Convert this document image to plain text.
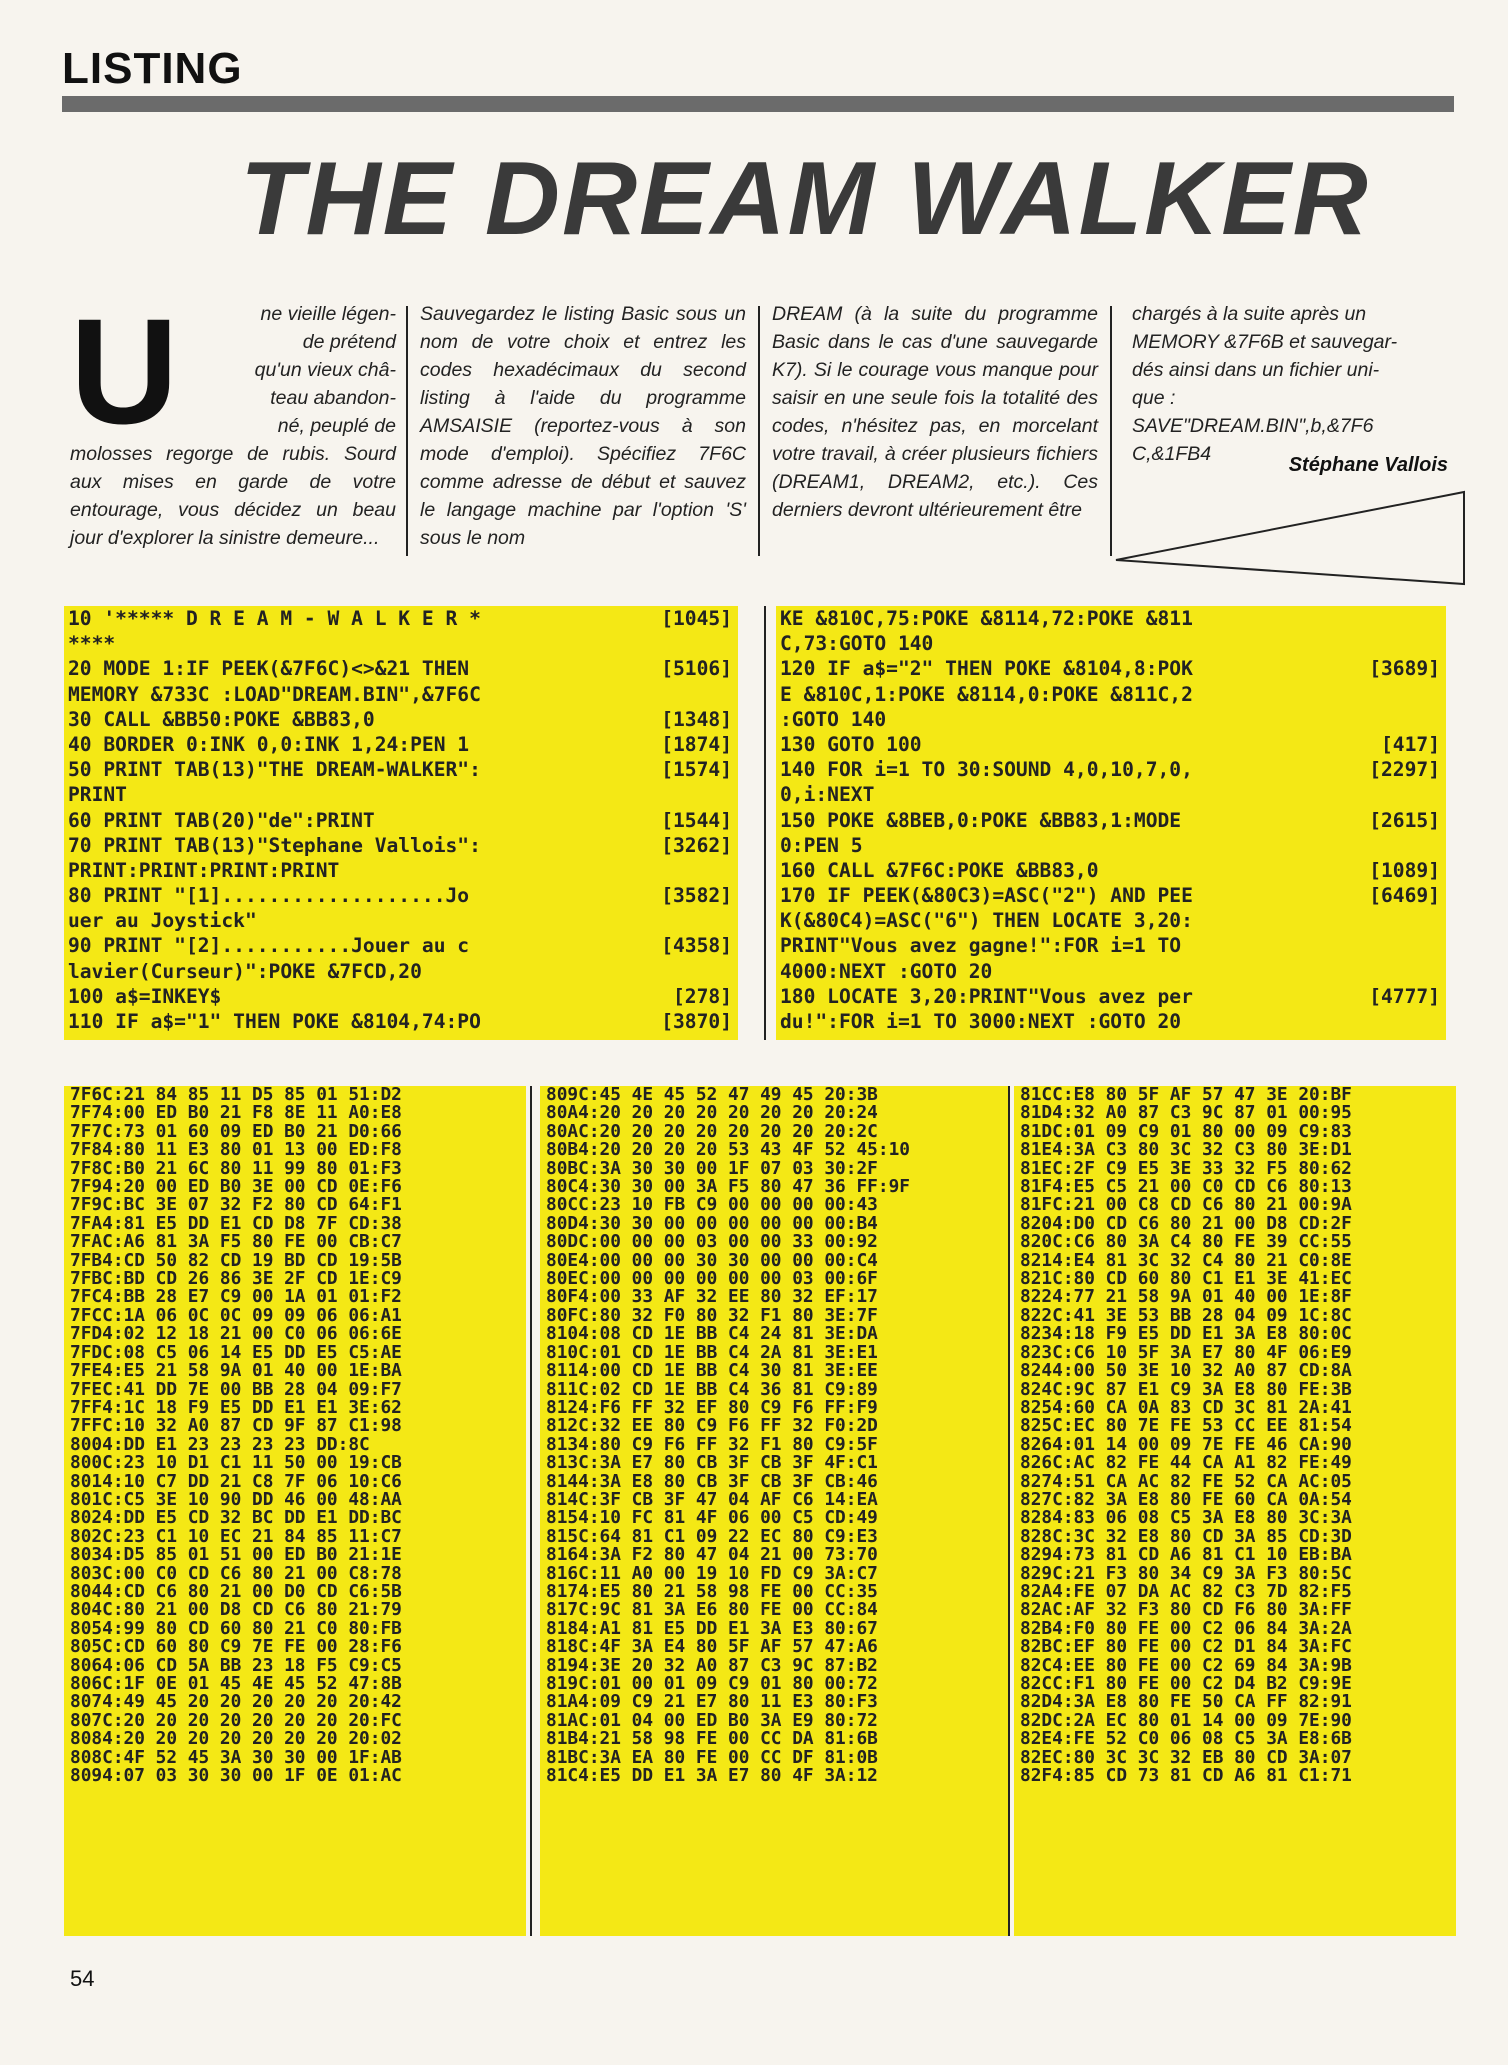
LISTING
THE DREAM WALKER
U	ne vieille légen-
de prétend
qu'un vieux châ-
teau abandon-
né, peuplé de
molosses regorge de rubis. Sourd aux mises en garde de votre entourage, vous décidez un beau jour d'explorer la sinistre demeure...
Sauvegardez le listing Basic sous un nom de votre choix et entrez les codes hexadécimaux du second listing à l'aide du programme AMSAISIE (reportez-vous à son mode d'emploi). Spécifiez 7F6C comme adresse de début et sauvez le langage machine par l'option 'S' sous le nom
DREAM (à la suite du programme Basic dans le cas d'une sauvegarde K7). Si le courage vous manque pour saisir en une seule fois la totalité des codes, n'hésitez pas, en morcelant votre travail, à créer plusieurs fichiers (DREAM1, DREAM2, etc.). Ces derniers devront ultérieurement être
chargés à la suite après un
MEMORY &7F6B et sauvegar-
dés ainsi dans un fichier uni-
que :
SAVE"DREAM.BIN",b,&7F6
C,&1FB4	Stéphane Vallois
10 '***** D R E A M - W A L K E R *	[1045]
****
20 MODE 1:IF PEEK(&7F6C)<>&21 THEN	[5106]
MEMORY &733C :LOAD"DREAM.BIN",&7F6C
30 CALL &BB50:POKE &BB83,0	[1348]
40 BORDER 0:INK 0,0:INK 1,24:PEN 1	[1874]
50 PRINT TAB(13)"THE DREAM-WALKER":	[1574]
PRINT
60 PRINT TAB(20)"de":PRINT	[1544]
70 PRINT TAB(13)"Stephane Vallois":	[3262]
PRINT:PRINT:PRINT:PRINT
80 PRINT "[1]...................Jo	[3582]
uer au Joystick"
90 PRINT "[2]...........Jouer au c	[4358]
lavier(Curseur)":POKE &7FCD,20
100 a$=INKEY$	[278]
110 IF a$="1" THEN POKE &8104,74:PO	[3870]
KE &810C,75:POKE &8114,72:POKE &811
C,73:GOTO 140
120 IF a$="2" THEN POKE &8104,8:POK	[3689]
E &810C,1:POKE &8114,0:POKE &811C,2
:GOTO 140
130 GOTO 100	[417]
140 FOR i=1 TO 30:SOUND 4,0,10,7,0,	[2297]
0,i:NEXT
150 POKE &8BEB,0:POKE &BB83,1:MODE	[2615]
0:PEN 5
160 CALL &7F6C:POKE &BB83,0	[1089]
170 IF PEEK(&80C3)=ASC("2") AND PEE	[6469]
K(&80C4)=ASC("6") THEN LOCATE 3,20:
PRINT"Vous avez gagne!":FOR i=1 TO
4000:NEXT :GOTO 20
180 LOCATE 3,20:PRINT"Vous avez per	[4777]
du!":FOR i=1 TO 3000:NEXT :GOTO 20
7F6C:21 84 85 11 D5 85 01 51:D2
7F74:00 ED B0 21 F8 8E 11 A0:E8
7F7C:73 01 60 09 ED B0 21 D0:66
7F84:80 11 E3 80 01 13 00 ED:F8
7F8C:B0 21 6C 80 11 99 80 01:F3
7F94:20 00 ED B0 3E 00 CD 0E:F6
7F9C:BC 3E 07 32 F2 80 CD 64:F1
7FA4:81 E5 DD E1 CD D8 7F CD:38
7FAC:A6 81 3A F5 80 FE 00 CB:C7
7FB4:CD 50 82 CD 19 BD CD 19:5B
7FBC:BD CD 26 86 3E 2F CD 1E:C9
7FC4:BB 28 E7 C9 00 1A 01 01:F2
7FCC:1A 06 0C 0C 09 09 06 06:A1
7FD4:02 12 18 21 00 C0 06 06:6E
7FDC:08 C5 06 14 E5 DD E5 C5:AE
7FE4:E5 21 58 9A 01 40 00 1E:BA
7FEC:41 DD 7E 00 BB 28 04 09:F7
7FF4:1C 18 F9 E5 DD E1 E1 3E:62
7FFC:10 32 A0 87 CD 9F 87 C1:98
8004:DD E1 23 23 23 23 DD:8C
800C:23 10 D1 C1 11 50 00 19:CB
8014:10 C7 DD 21 C8 7F 06 10:C6
801C:C5 3E 10 90 DD 46 00 48:AA
8024:DD E5 CD 32 BC DD E1 DD:BC
802C:23 C1 10 EC 21 84 85 11:C7
8034:D5 85 01 51 00 ED B0 21:1E
803C:00 C0 CD C6 80 21 00 C8:78
8044:CD C6 80 21 00 D0 CD C6:5B
804C:80 21 00 D8 CD C6 80 21:79
8054:99 80 CD 60 80 21 C0 80:FB
805C:CD 60 80 C9 7E FE 00 28:F6
8064:06 CD 5A BB 23 18 F5 C9:C5
806C:1F 0E 01 45 4E 45 52 47:8B
8074:49 45 20 20 20 20 20 20:42
807C:20 20 20 20 20 20 20 20:FC
8084:20 20 20 20 20 20 20 20:02
808C:4F 52 45 3A 30 30 00 1F:AB
8094:07 03 30 30 00 1F 0E 01:AC
809C:45 4E 45 52 47 49 45 20:3B
80A4:20 20 20 20 20 20 20 20:24
80AC:20 20 20 20 20 20 20 20:2C
80B4:20 20 20 20 53 43 4F 52 45:10
80BC:3A 30 30 00 1F 07 03 30:2F
80C4:30 30 00 3A F5 80 47 36 FF:9F
80CC:23 10 FB C9 00 00 00 00:43
80D4:30 30 00 00 00 00 00 00:B4
80DC:00 00 00 03 00 00 33 00:92
80E4:00 00 00 30 30 00 00 00:C4
80EC:00 00 00 00 00 00 03 00:6F
80F4:00 33 AF 32 EE 80 32 EF:17
80FC:80 32 F0 80 32 F1 80 3E:7F
8104:08 CD 1E BB C4 24 81 3E:DA
810C:01 CD 1E BB C4 2A 81 3E:E1
8114:00 CD 1E BB C4 30 81 3E:EE
811C:02 CD 1E BB C4 36 81 C9:89
8124:F6 FF 32 EF 80 C9 F6 FF:F9
812C:32 EE 80 C9 F6 FF 32 F0:2D
8134:80 C9 F6 FF 32 F1 80 C9:5F
813C:3A E7 80 CB 3F CB 3F 4F:C1
8144:3A E8 80 CB 3F CB 3F CB:46
814C:3F CB 3F 47 04 AF C6 14:EA
8154:10 FC 81 4F 06 00 C5 CD:49
815C:64 81 C1 09 22 EC 80 C9:E3
8164:3A F2 80 47 04 21 00 73:70
816C:11 A0 00 19 10 FD C9 3A:C7
8174:E5 80 21 58 98 FE 00 CC:35
817C:9C 81 3A E6 80 FE 00 CC:84
8184:A1 81 E5 DD E1 3A E3 80:67
818C:4F 3A E4 80 5F AF 57 47:A6
8194:3E 20 32 A0 87 C3 9C 87:B2
819C:01 00 01 09 C9 01 80 00:72
81A4:09 C9 21 E7 80 11 E3 80:F3
81AC:01 04 00 ED B0 3A E9 80:72
81B4:21 58 98 FE 00 CC DA 81:6B
81BC:3A EA 80 FE 00 CC DF 81:0B
81C4:E5 DD E1 3A E7 80 4F 3A:12
81CC:E8 80 5F AF 57 47 3E 20:BF
81D4:32 A0 87 C3 9C 87 01 00:95
81DC:01 09 C9 01 80 00 09 C9:83
81E4:3A C3 80 3C 32 C3 80 3E:D1
81EC:2F C9 E5 3E 33 32 F5 80:62
81F4:E5 C5 21 00 C0 CD C6 80:13
81FC:21 00 C8 CD C6 80 21 00:9A
8204:D0 CD C6 80 21 00 D8 CD:2F
820C:C6 80 3A C4 80 FE 39 CC:55
8214:E4 81 3C 32 C4 80 21 C0:8E
821C:80 CD 60 80 C1 E1 3E 41:EC
8224:77 21 58 9A 01 40 00 1E:8F
822C:41 3E 53 BB 28 04 09 1C:8C
8234:18 F9 E5 DD E1 3A E8 80:0C
823C:C6 10 5F 3A E7 80 4F 06:E9
8244:00 50 3E 10 32 A0 87 CD:8A
824C:9C 87 E1 C9 3A E8 80 FE:3B
8254:60 CA 0A 83 CD 3C 81 2A:41
825C:EC 80 7E FE 53 CC EE 81:54
8264:01 14 00 09 7E FE 46 CA:90
826C:AC 82 FE 44 CA A1 82 FE:49
8274:51 CA AC 82 FE 52 CA AC:05
827C:82 3A E8 80 FE 60 CA 0A:54
8284:83 06 08 C5 3A E8 80 3C:3A
828C:3C 32 E8 80 CD 3A 85 CD:3D
8294:73 81 CD A6 81 C1 10 EB:BA
829C:21 F3 80 34 C9 3A F3 80:5C
82A4:FE 07 DA AC 82 C3 7D 82:F5
82AC:AF 32 F3 80 CD F6 80 3A:FF
82B4:F0 80 FE 00 C2 06 84 3A:2A
82BC:EF 80 FE 00 C2 D1 84 3A:FC
82C4:EE 80 FE 00 C2 69 84 3A:9B
82CC:F1 80 FE 00 C2 D4 B2 C9:9E
82D4:3A E8 80 FE 50 CA FF 82:91
82DC:2A EC 80 01 14 00 09 7E:90
82E4:FE 52 C0 06 08 C5 3A E8:6B
82EC:80 3C 3C 32 EB 80 CD 3A:07
82F4:85 CD 73 81 CD A6 81 C1:71
54
